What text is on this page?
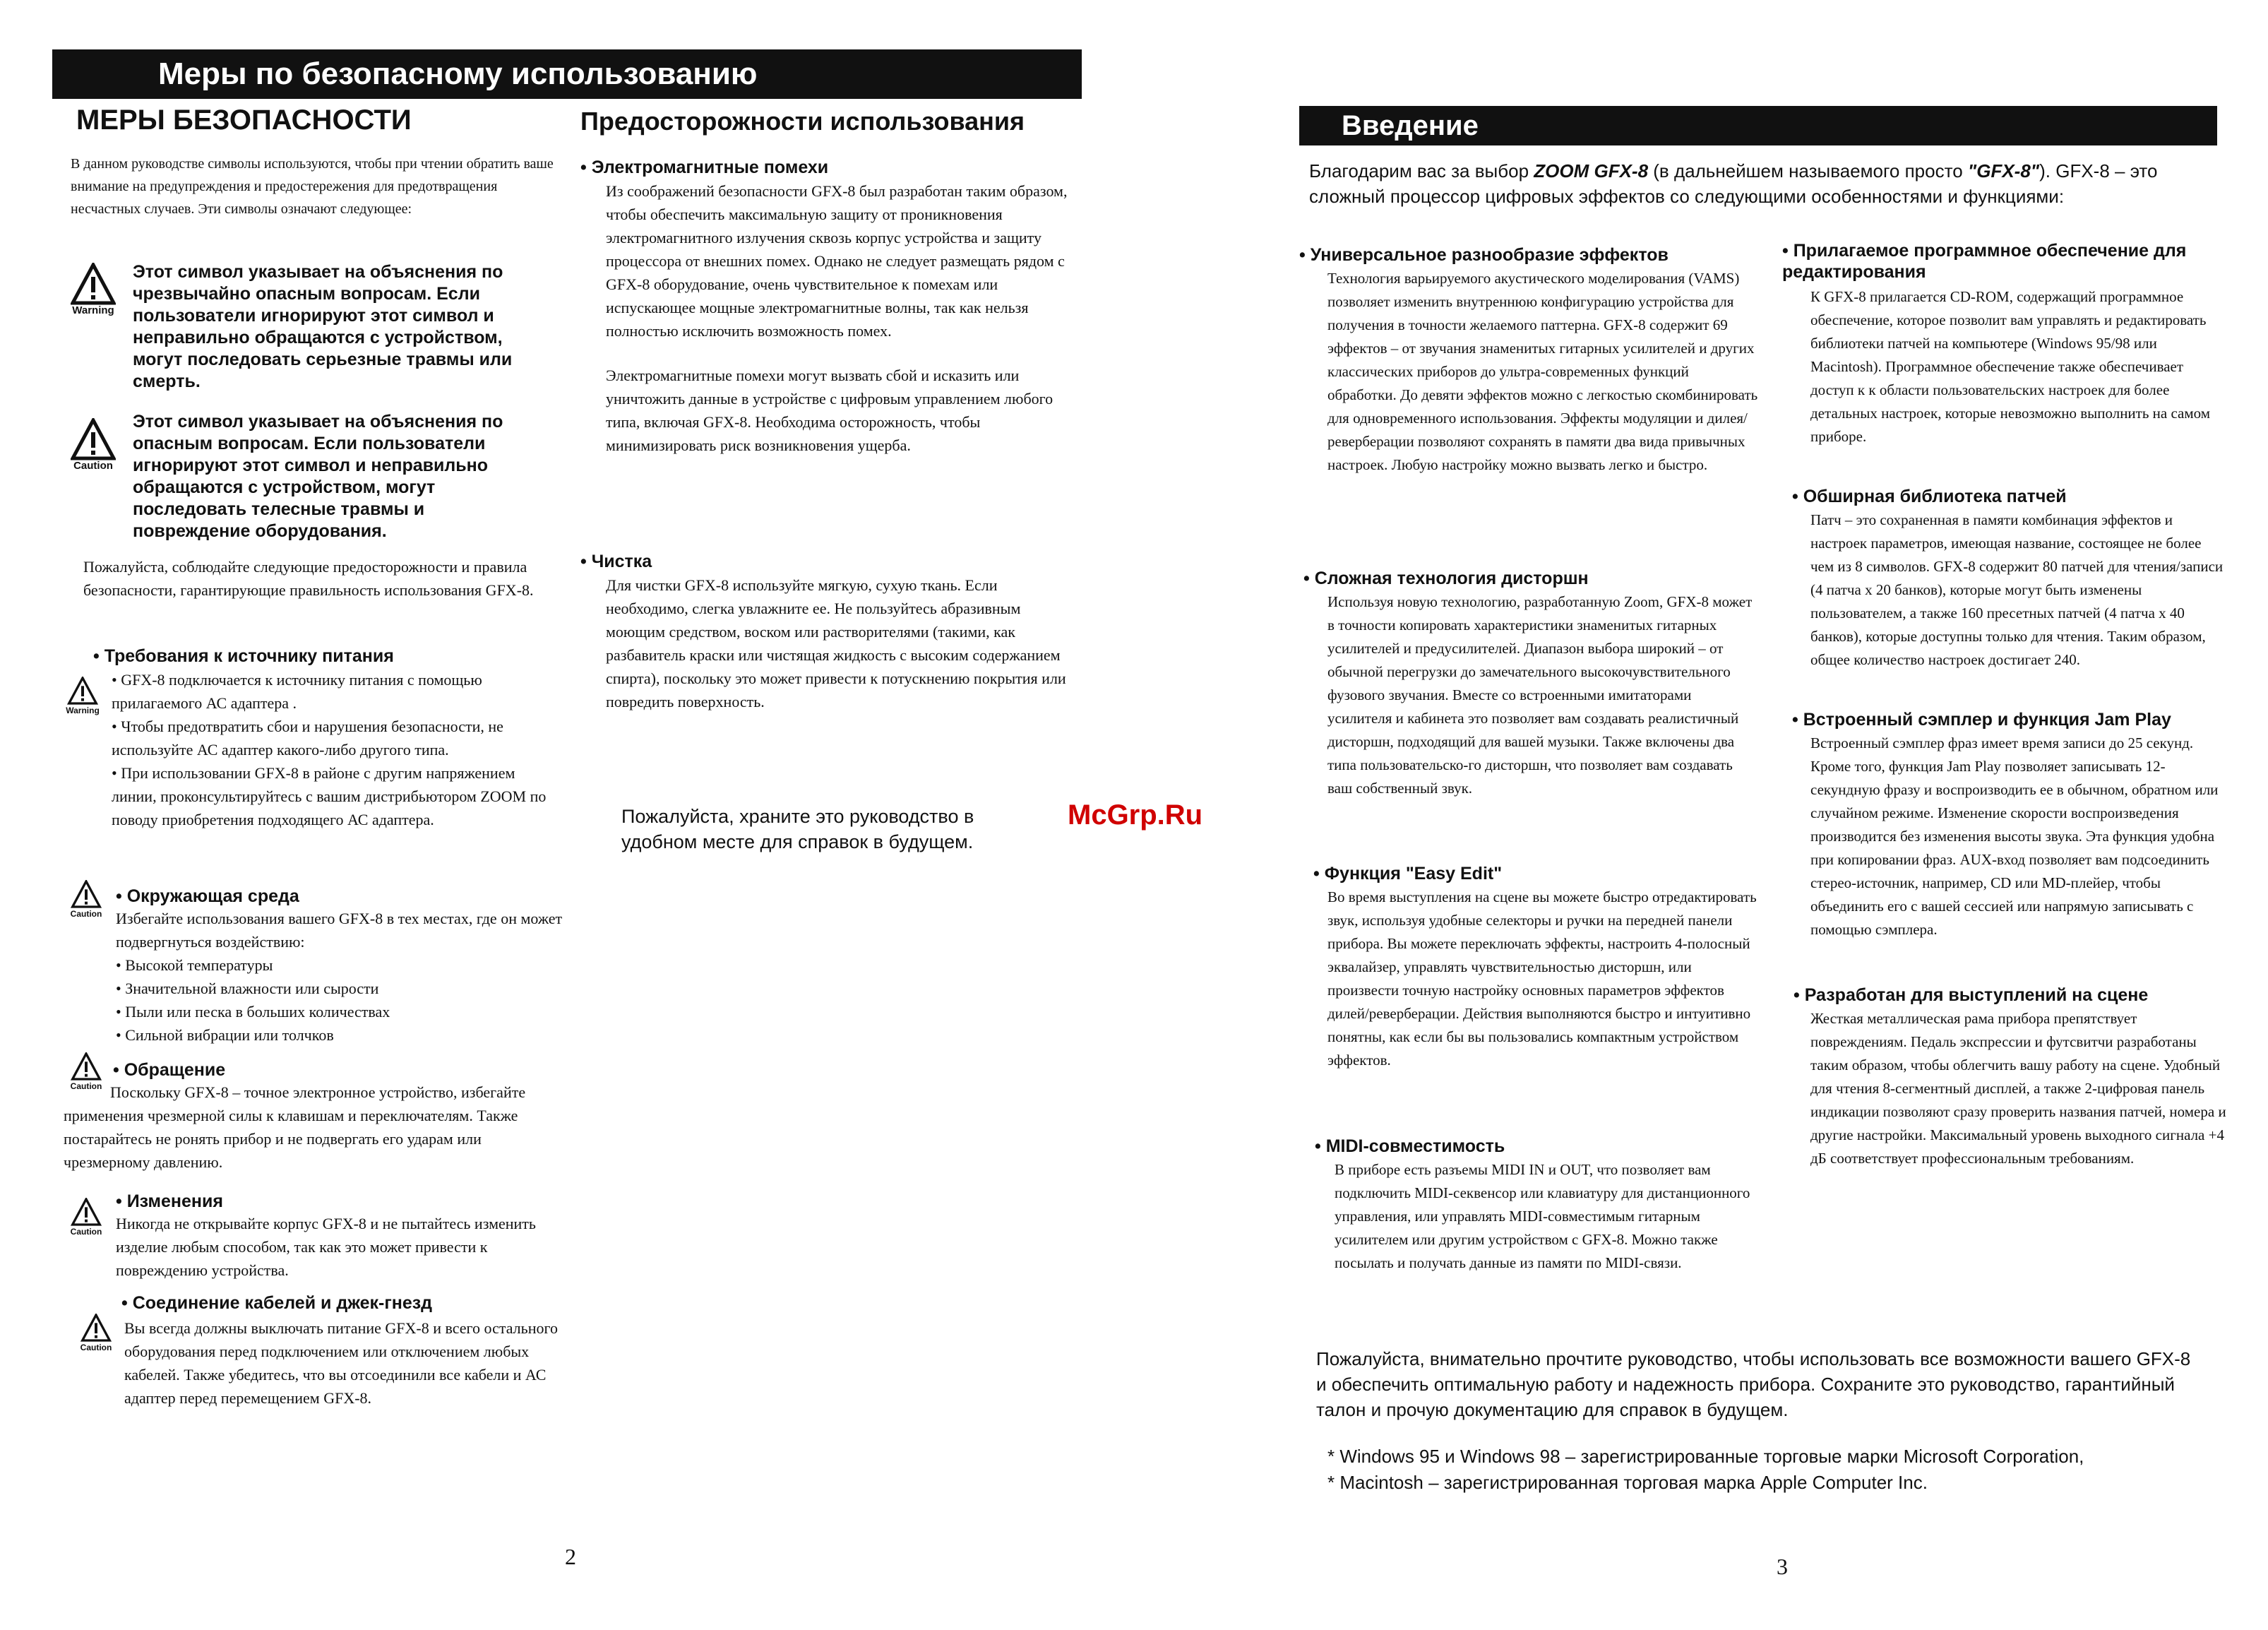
Меры по безопасному использованию
МЕРЫ БЕЗОПАСНОСТИ
В данном руководстве символы используются, чтобы при чтении обратить ваше внимание на предупреждения и предостережения для предотвращения несчастных случаев. Эти символы означают следующее:
Warning
Этот символ указывает на объяснения по чрезвычайно опасным вопросам. Если пользователи игнорируют этот символ и неправильно обращаются с устройством, могут последовать серьезные травмы или смерть.
Caution
Этот символ указывает на объяснения по опасным вопросам. Если пользователи игнорируют этот символ и неправильно обращаются с устройством, могут последовать телесные травмы и повреждение оборудования.
Пожалуйста, соблюдайте следующие предосторожности и правила безопасности, гарантирующие правильность использования GFX-8.
• Требования к источнику питания
Warning

• GFX-8 подключается к источнику питания с помощью прилагаемого АС адаптера .

• Чтобы предотвратить сбои и нарушения безопасности, не используйте АС адаптер какого-либо другого типа.

• При использовании GFX-8 в районе с другим напряжением линии, проконсультируйтесь с вашим дистрибьютором ZOOM по поводу приобретения подходящего АС адаптера.

Caution
• Окружающая среда

Избегайте использования вашего GFX-8 в тех местах, где он может подвергнуться воздействию:

• Высокой температуры
• Значительной влажности или сырости
• Пыли или песка в больших количествах
• Сильной вибрации или толчков
Caution
• Обращение
Поскольку GFX-8 – точное электронное устройство, избегайте применения чрезмерной силы к клавишам и переключателям. Также постарайтесь не ронять прибор и не подвергать его ударам или чрезмерному давлению.
Caution
• Изменения
Никогда не открывайте корпус GFX-8 и не пытайтесь изменить изделие любым способом, так как это может привести к повреждению устройства.
• Соединение кабелей и джек-гнезд
Caution
Вы всегда должны выключать питание GFX-8 и всего остального оборудования перед подключением или отключением любых кабелей. Также убедитесь, что вы отсоединили все кабели и АС адаптер перед перемещением GFX-8.
Предосторожности использования
• Электромагнитные помехи

Из соображений безопасности GFX-8 был разработан таким образом, чтобы обеспечить максимальную защиту от проникновения электромагнитного излучения сквозь корпус устройства и защиту процессора от внешних помех. Однако не следует размещать рядом с GFX-8 оборудование, очень чувствительное к помехам или испускающее мощные электромагнитные волны, так как нельзя полностью исключить возможность помех.

Электромагнитные помехи могут вызвать сбой и исказить или уничтожить данные в устройстве с цифровым управлением любого типа, включая GFX-8. Необходима осторожность, чтобы минимизировать риск возникновения ущерба.

• Чистка
Для чистки GFX-8 используйте мягкую, сухую ткань. Если необходимо, слегка увлажните ее. Не пользуйтесь абразивным моющим средством, воском или растворителями (такими, как разбавитель краски или чистящая жидкость с высоким содержанием спирта), поскольку это может привести к потускнению покрытия или повредить поверхность.
Пожалуйста, храните это руководство в удобном месте для справок в будущем.
2
McGrp.Ru
Введение
Благодарим вас за выбор ZOOM GFX-8 (в дальнейшем называемого просто "GFX-8"). GFX-8 – это сложный процессор цифровых эффектов со следующими особенностями и функциями:
• Универсальное разнообразие эффектов
Технология варьируемого акустического моделирования (VAMS) позволяет изменить внутреннюю конфигурацию устройства для получения в точности желаемого паттерна. GFX-8 содержит 69 эффектов – от звучания знаменитых гитарных усилителей и других классических приборов до ультра-современных функций обработки. До девяти эффектов можно с легкостью скомбинировать для одновременного использования. Эффекты модуляции и дилея/реверберации позволяют сохранять в памяти два вида привычных настроек. Любую настройку можно вызвать легко и быстро.
• Сложная технология дисторшн
Используя новую технологию, разработанную Zoom, GFX-8 может в точности копировать характеристики знаменитых гитарных усилителей и предусилителей. Диапазон выбора широкий – от обычной перегрузки до замечательного высокочувствительного фузового звучания. Вместе со встроенными имитаторами усилителя и кабинета это позволяет вам создавать реалистичный дисторшн, подходящий для вашей музыки. Также включены два типа пользовательско-го дисторшн, что позволяет вам создавать ваш собственный звук.
• Функция "Easy Edit"
Во время выступления на сцене вы можете быстро отредактировать звук, используя удобные селекторы и ручки на передней панели прибора. Вы можете переключать эффекты, настроить 4-полосный эквалайзер, управлять чувствительностью дисторшн, или произвести точную настройку основных параметров эффектов дилей/реверберации. Действия выполняются быстро и интуитивно понятны, как если бы вы пользовались компактным устройством эффектов.
• MIDI-совместимость
В приборе есть разъемы MIDI IN и OUT, что позволяет вам подключить MIDI-секвенсор или клавиатуру для дистанционного управления, или управлять MIDI-совместимым гитарным усилителем или другим устройством с GFX-8. Можно также посылать и получать данные из памяти по MIDI-связи.
• Прилагаемое программное обеспечение для редактирования
К GFX-8 прилагается CD-ROM, содержащий программное обеспечение, которое позволит вам управлять и редактировать библиотеки патчей на компьютере (Windows 95/98 или Macintosh). Программное обеспечение также обеспечивает доступ к к области пользовательских настроек для более детальных настроек, которые невозможно выполнить на самом приборе.
• Обширная библиотека патчей
Патч – это сохраненная в памяти комбинация эффектов и настроек параметров, имеющая название, состоящее не более чем из 8 символов. GFX-8 содержит 80 патчей для чтения/записи (4 патча x 20 банков), которые могут быть изменены пользователем, а также 160 пресетных патчей (4 патча x 40 банков), которые доступны только для чтения. Таким образом, общее количество настроек достигает 240.
• Встроенный сэмплер и функция Jam Play
Встроенный сэмплер фраз имеет время записи до 25 секунд. Кроме того, функция Jam Play позволяет записывать 12-секундную фразу и воспроизводить ее в обычном, обратном или случайном режиме. Изменение скорости воспроизведения производится без изменения высоты звука. Эта функция удобна при копировании фраз. AUX-вход позволяет вам подсоединить стерео-источник, например, CD или MD-плейер, чтобы объединить его с вашей сессией или напрямую записывать с помощью сэмплера.
• Разработан для выступлений на сцене
Жесткая металлическая рама прибора препятствует повреждениям. Педаль экспрессии и футсвитчи разработаны таким образом, чтобы облегчить вашу работу на сцене. Удобный для чтения 8-сегментный дисплей, а также 2-цифровая панель индикации позволяют сразу проверить названия патчей, номера и другие настройки. Максимальный уровень выходного сигнала +4 дБ соответствует профессиональным требованиям.
Пожалуйста, внимательно прочтите руководство, чтобы использовать все возможности вашего GFX-8 и обеспечить оптимальную работу и надежность прибора. Сохраните это руководство, гарантийный талон и прочую документацию для справок в будущем.
* Windows 95 и Windows 98 – зарегистрированные торговые марки Microsoft Corporation,
* Macintosh – зарегистрированная торговая марка Apple Computer Inc.
3
